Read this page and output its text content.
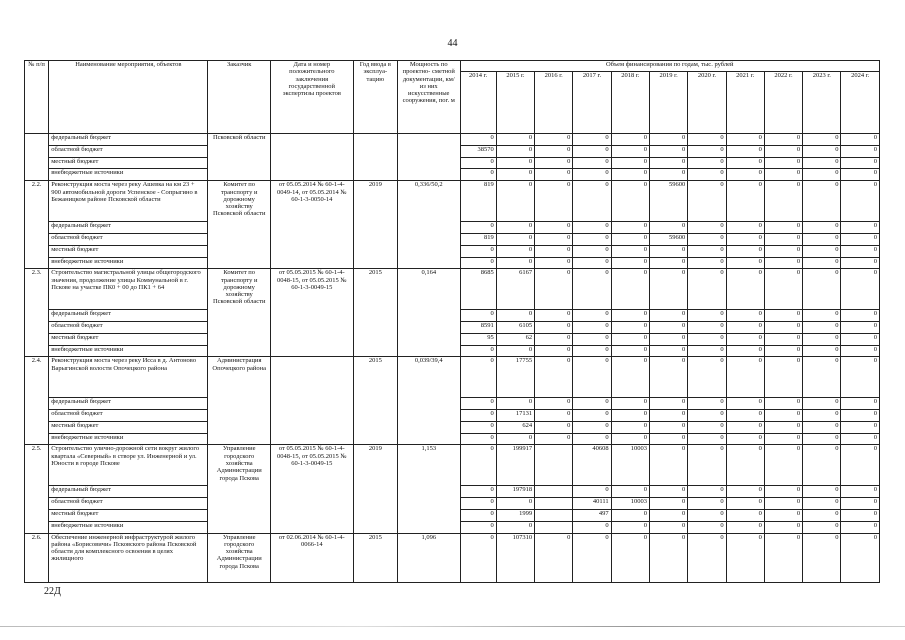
44
№ п/п	Наименование мероприятия, объектов	Заказчик	Дата и номер положительного заключения государственной экспертизы проектов	Год ввода в эксплуа- тацию	Мощность по проектно- сметной документации, км/из них искусственные сооружения, пог. м	Объем финансирования по годам, тыс. рублей										
						2014 г.	2015 г.	2016 г.	2017 г.	2018 г.	2019 г.	2020 г.	2021 г.	2022 г.	2023 г.	2024 г.
	федеральный бюджет	Псковской области				0	0	0	0	0	0	0	0	0	0	0
	областной бюджет					38570	0	0	0	0	0	0	0	0	0	0
	местный бюджет					0	0	0	0	0	0	0	0	0	0	0
	внебюджетные источники					0	0	0	0	0	0	0	0	0	0	0
2.2.	Реконструкция моста через реку Ашевка на км 23 + 900 автомобильной дороги Успенское - Сопрыгино в Бежаницком районе Псковской области	Комитет по транспорту и дорожному хозяйству Псковской области	от 05.05.2014 № 60-1-4-0049-14, от 05.05.2014 № 60-1-3-0050-14	2019	0,336/50,2	819	0	0	0	0	59600	0	0	0	0	0
	федеральный бюджет					0	0	0	0	0	0	0	0	0	0	0
	областной бюджет					819	0	0	0	0	59600	0	0	0	0	0
	местный бюджет					0	0	0	0	0	0	0	0	0	0	0
	внебюджетные источники					0	0	0	0	0	0	0	0	0	0	0
2.3.	Строительство магистральной улицы общегородского значения, продолжение улицы Коммунальной в г. Пскове на участке ПК0 + 00 до ПК1 + 64	Комитет по транспорту и дорожному хозяйству Псковской области	от 05.05.2015 № 60-1-4-0048-15, от 05.05.2015 № 60-1-3-0049-15	2015	0,164	8685	6167	0	0	0	0	0	0	0	0	0
	федеральный бюджет					0	0	0	0	0	0	0	0	0	0	0
	областной бюджет					8591	6105	0	0	0	0	0	0	0	0	0
	местный бюджет					95	62	0	0	0	0	0	0	0	0	0
	внебюджетные источники					0	0	0	0	0	0	0	0	0	0	0
2.4.	Реконструкция моста через реку Исса в д. Антоново Варыгинской волости Опочецкого района	Администрация Опочецкого района		2015	0,039/39,4	0	17755	0	0	0	0	0	0	0	0	0
	федеральный бюджет					0	0	0	0	0	0	0	0	0	0	0
	областной бюджет					0	17131	0	0	0	0	0	0	0	0	0
	местный бюджет					0	624	0	0	0	0	0	0	0	0	0
	внебюджетные источники					0	0	0	0	0	0	0	0	0	0	0
2.5.	Строительство улично-дорожной сети вокруг жилого квартала «Северный» в створе ул. Инженерной и ул. Юности в городе Пскове	Управление городского хозяйства Администрации города Пскова	от 05.05.2015 № 60-1-4-0048-15, от 05.05.2015 № 60-1-3-0049-15	2019	1,153	0	199917		40608	10003	0	0	0	0	0	0
	федеральный бюджет					0	197918		0	0	0	0	0	0	0	0
	областной бюджет					0	0		40111	10003	0	0	0	0	0	0
	местный бюджет					0	1999		497	0	0	0	0	0	0	0
	внебюджетные источники					0	0		0	0	0	0	0	0	0	0
2.6.	Обеспечение инженерной инфраструктурой жилого района «Борисовичи» Псковского района Псковской области для комплексного освоения в целях жилищного	Управление городского хозяйства Администрации города Пскова	от 02.06.2014 № 60-1-4-0066-14	2015	1,096	0	107310	0	0	0	0	0	0	0	0	0
22Д
